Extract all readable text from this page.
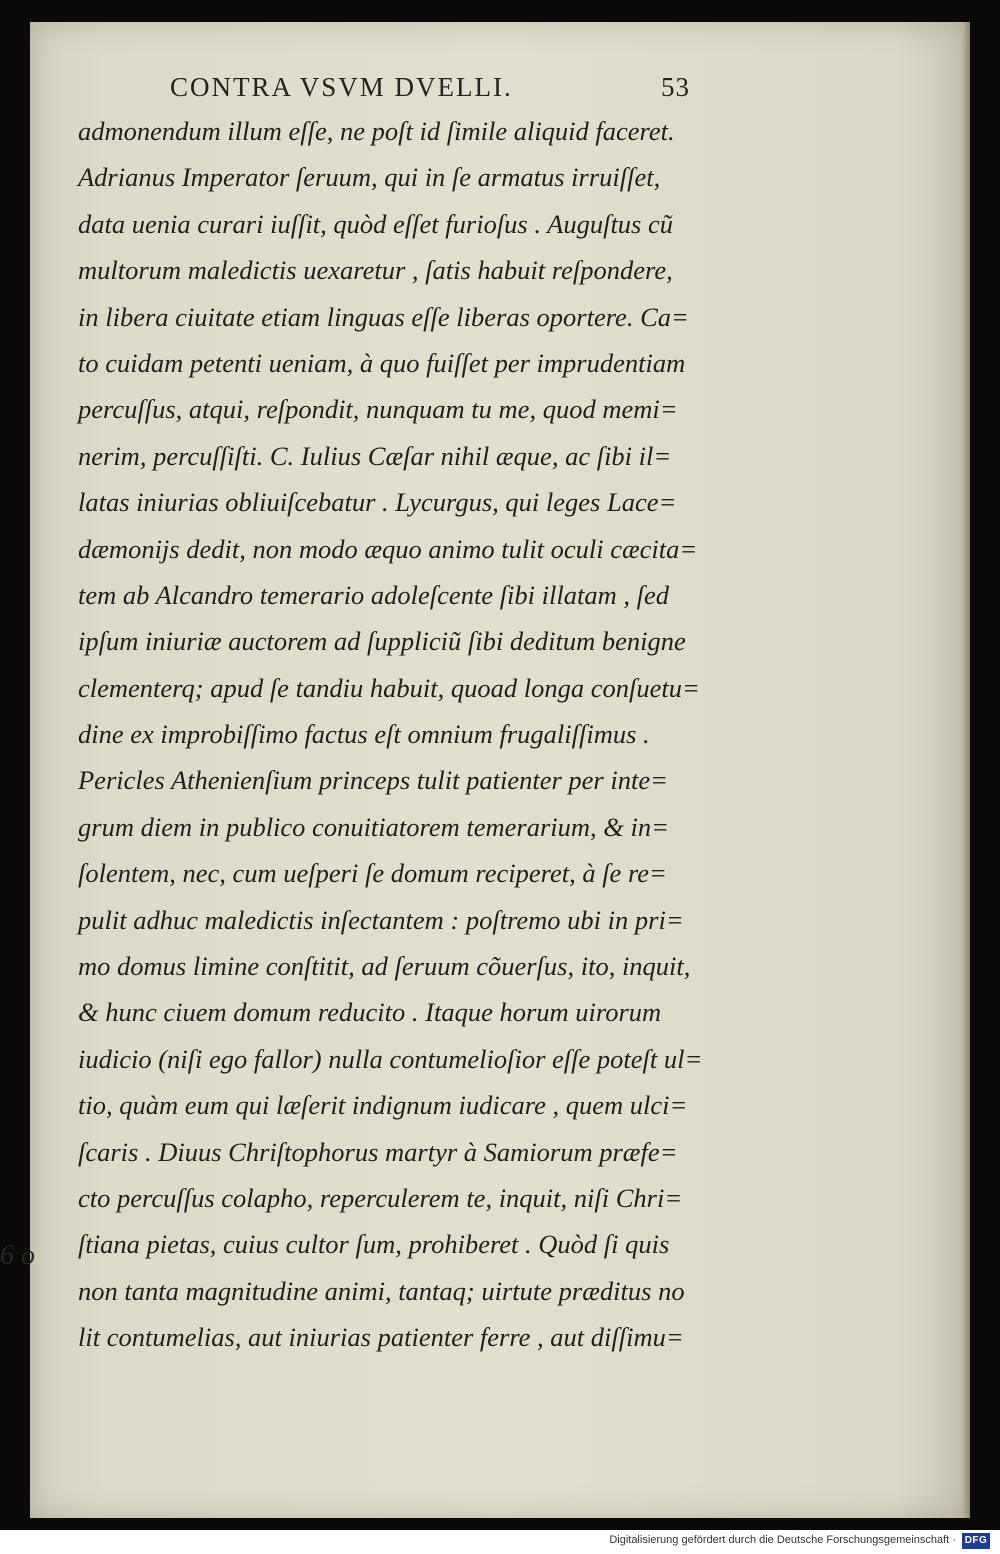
CONTRA VSVM DVELLI.	53
admonendum illum eſſe, ne poſt id ſimile aliquid faceret.
Adrianus Imperator ſeruum, qui in ſe armatus irruiſſet,
data uenia curari iuſſit, quòd eſſet furioſus . Auguſtus cũ
multorum maledictis uexaretur , ſatis habuit reſpondere,
in libera ciuitate etiam linguas eſſe liberas oportere. Ca=
to cuidam petenti ueniam, à quo fuiſſet per imprudentiam
percuſſus, atqui, reſpondit, nunquam tu me, quod memi=
nerim, percuſſiſti. C. Iulius Cæſar nihil æque, ac ſibi il=
latas iniurias obliuiſcebatur . Lycurgus, qui leges Lace=
dæmonijs dedit, non modo æquo animo tulit oculi cæcita=
tem ab Alcandro temerario adoleſcente ſibi illatam , ſed
ipſum iniuriæ auctorem ad ſuppliciũ ſibi deditum benigne
clementerq; apud ſe tandiu habuit, quoad longa conſuetu=
dine ex improbiſſimo factus eſt omnium frugaliſſimus .
Pericles Athenienſium princeps tulit patienter per inte=
grum diem in publico conuitiatorem temerarium, & in=
ſolentem, nec, cum ueſperi ſe domum reciperet, à ſe re=
pulit adhuc maledictis inſectantem : poſtremo ubi in pri=
mo domus limine conſtitit, ad ſeruum cõuerſus, ito, inquit,
& hunc ciuem domum reducito . Itaque horum uirorum
iudicio (niſi ego fallor) nulla contumelioſior eſſe poteſt ul=
tio, quàm eum qui læſerit indignum iudicare , quem ulci=
ſcaris . Diuus Chriſtophorus martyr à Samiorum præfe=
cto percuſſus colapho, reperculerem te, inquit, niſi Chri=
ſtiana pietas, cuius cultor ſum, prohiberet . Quòd ſi quis
non tanta magnitudine animi, tantaq; uirtute præditus no
lit contumelias, aut iniurias patienter ferre , aut diſſimu=
6 o
Digitalisierung gefördert durch die Deutsche Forschungsgemeinschaft · DFG
